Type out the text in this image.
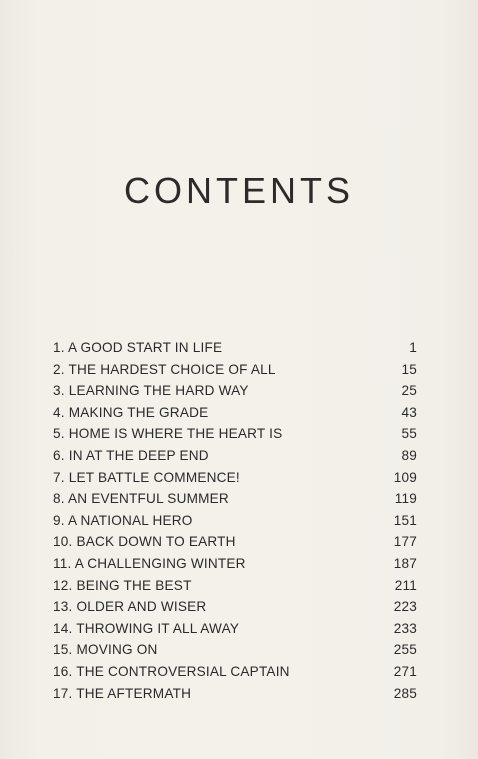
CONTENTS
1. A GOOD START IN LIFE	1
2. THE HARDEST CHOICE OF ALL	15
3. LEARNING THE HARD WAY	25
4. MAKING THE GRADE	43
5. HOME IS WHERE THE HEART IS	55
6. IN AT THE DEEP END	89
7. LET BATTLE COMMENCE!	109
8. AN EVENTFUL SUMMER	119
9. A NATIONAL HERO	151
10. BACK DOWN TO EARTH	177
11. A CHALLENGING WINTER	187
12. BEING THE BEST	211
13. OLDER AND WISER	223
14. THROWING IT ALL AWAY	233
15. MOVING ON	255
16. THE CONTROVERSIAL CAPTAIN	271
17. THE AFTERMATH	285
